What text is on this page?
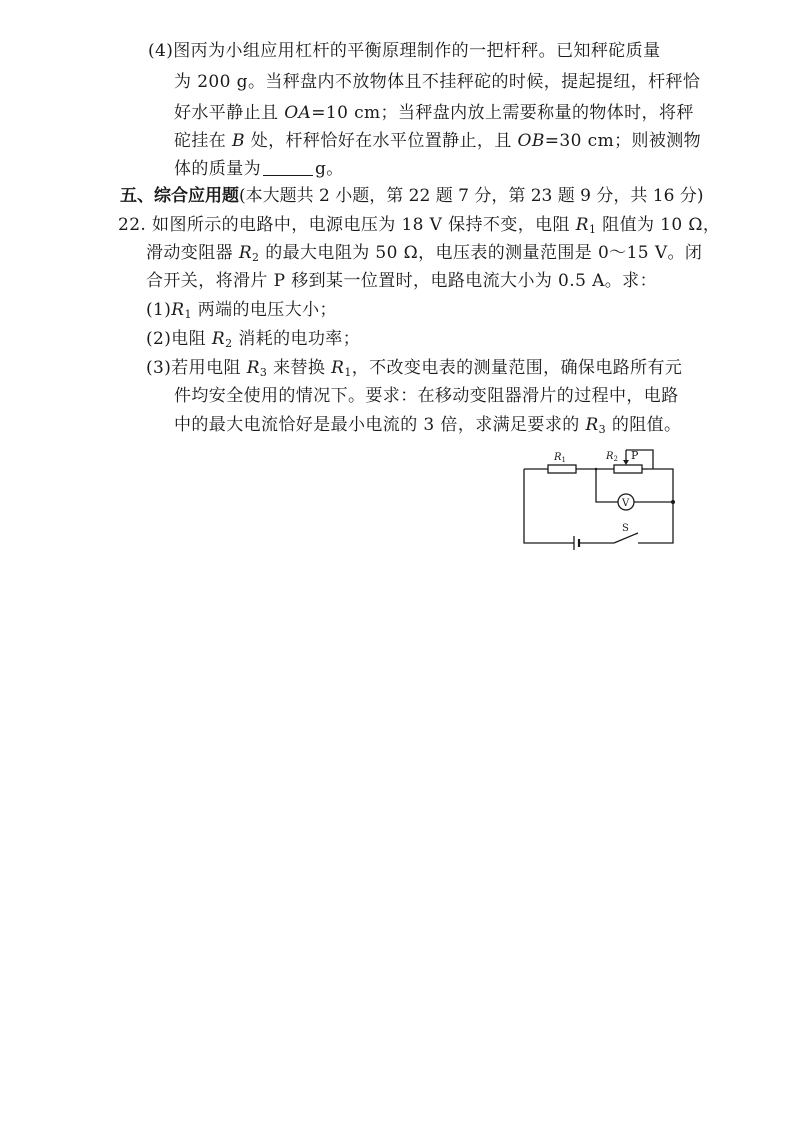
(4)图丙为小组应用杠杆的平衡原理制作的一把杆秤。已知秤砣质量
为 200 g。当秤盘内不放物体且不挂秤砣的时候，提起提纽，杆秤恰
好水平静止且 OA=10 cm；当秤盘内放上需要称量的物体时，将秤
砣挂在 B 处，杆秤恰好在水平位置静止，且 OB=30 cm；则被测物
体的质量为	g。
五、综合应用题(本大题共 2 小题，第 22 题 7 分，第 23 题 9 分，共 16 分)
22. 如图所示的电路中，电源电压为 18 V 保持不变，电阻 $R_1$ 阻值为 10 Ω，
滑动变阻器 $R_2$ 的最大电阻为 50 Ω，电压表的测量范围是 0～15 V。闭
合开关，将滑片 P 移到某一位置时，电路电流大小为 0.5 A。求：
$(1)R_1$ 两端的电压大小；
(2)电阻 $R_2$ 消耗的电功率；
(3)若用电阻 $R_3$ 来替换 $R_1$，不改变电表的测量范围，确保电路所有元
件均安全使用的情况下。要求：在移动变阻器滑片的过程中，电路
中的最大电流恰好是最小电流的 3 倍，求满足要求的 $R_3$ 的阻值。
$R_1$	$R_2$ P
V
S
